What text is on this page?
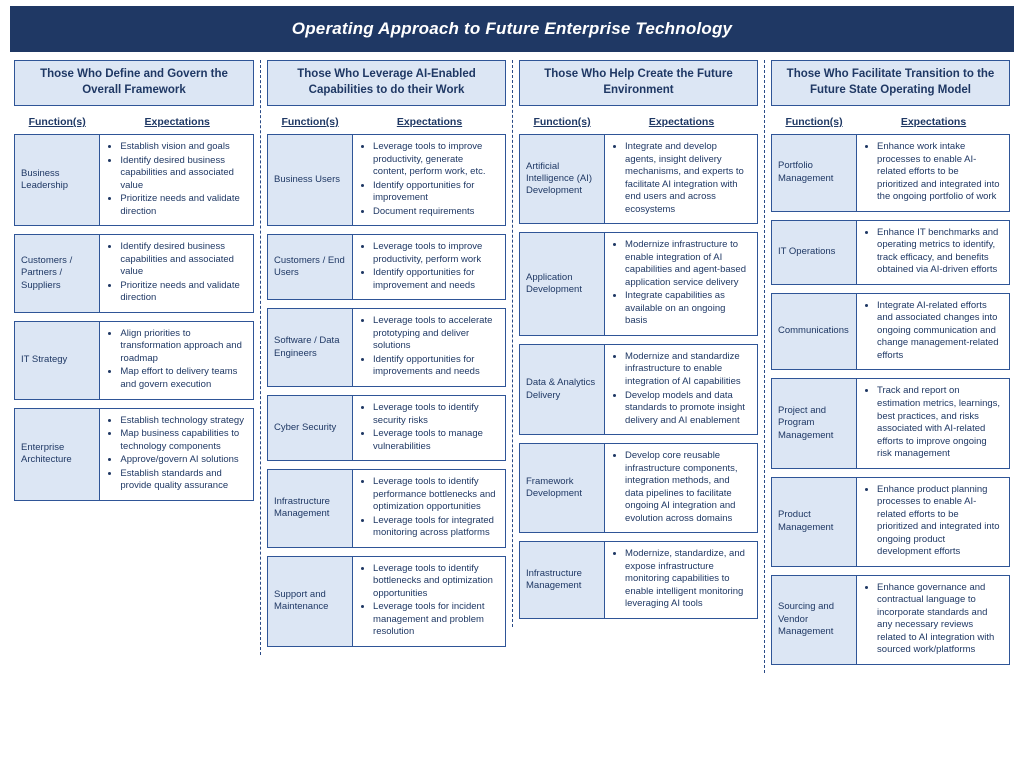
Operating Approach to Future Enterprise Technology
Those Who Define and Govern the Overall Framework
Function(s)	Expectations
Business Leadership
• Establish vision and goals
• Identify desired business capabilities and associated value
• Prioritize needs and validate direction
Customers / Partners / Suppliers
• Identify desired business capabilities and associated value
• Prioritize needs and validate direction
IT Strategy
• Align priorities to transformation approach and roadmap
• Map effort to delivery teams and govern execution
Enterprise Architecture
• Establish technology strategy
• Map business capabilities to technology components
• Approve/govern AI solutions
• Establish standards and provide quality assurance
Those Who Leverage AI-Enabled Capabilities to do their Work
Function(s)	Expectations
Business Users
• Leverage tools to improve productivity, generate content, perform work, etc.
• Identify opportunities for improvement
• Document requirements
Customers / End Users
• Leverage tools to improve productivity, perform work
• Identify opportunities for improvement and needs
Software / Data Engineers
• Leverage tools to accelerate prototyping and deliver solutions
• Identify opportunities for improvements and needs
Cyber Security
• Leverage tools to identify security risks
• Leverage tools to manage vulnerabilities
Infrastructure Management
• Leverage tools to identify performance bottlenecks and optimization opportunities
• Leverage tools for integrated monitoring across platforms
Support and Maintenance
• Leverage tools to identify bottlenecks and optimization opportunities
• Leverage tools for incident management and problem resolution
Those Who Help Create the Future Environment
Function(s)	Expectations
Artificial Intelligence (AI) Development
• Integrate and develop agents, insight delivery mechanisms, and experts to facilitate AI integration with end users and across ecosystems
Application Development
• Modernize infrastructure to enable integration of AI capabilities and agent-based application service delivery
• Integrate capabilities as available on an ongoing basis
Data & Analytics Delivery
• Modernize and standardize infrastructure to enable integration of AI capabilities
• Develop models and data standards to promote insight delivery and AI enablement
Framework Development
• Develop core reusable infrastructure components, integration methods, and data pipelines to facilitate ongoing AI integration and evolution across domains
Infrastructure Management
• Modernize, standardize, and expose infrastructure monitoring capabilities to enable intelligent monitoring leveraging AI tools
Those Who Facilitate Transition to the Future State Operating Model
Function(s)	Expectations
Portfolio Management
• Enhance work intake processes to enable AI-related efforts to be prioritized and integrated into the ongoing portfolio of work
IT Operations
• Enhance IT benchmarks and operating metrics to identify, track efficacy, and benefits obtained via AI-driven efforts
Communications
• Integrate AI-related efforts and associated changes into ongoing communication and change management-related efforts
Project and Program Management
• Track and report on estimation metrics, learnings, best practices, and risks associated with AI-related efforts to improve ongoing risk management
Product Management
• Enhance product planning processes to enable AI-related efforts to be prioritized and integrated into ongoing product development efforts
Sourcing and Vendor Management
• Enhance governance and contractual language to incorporate standards and any necessary reviews related to AI integration with sourced work/platforms
